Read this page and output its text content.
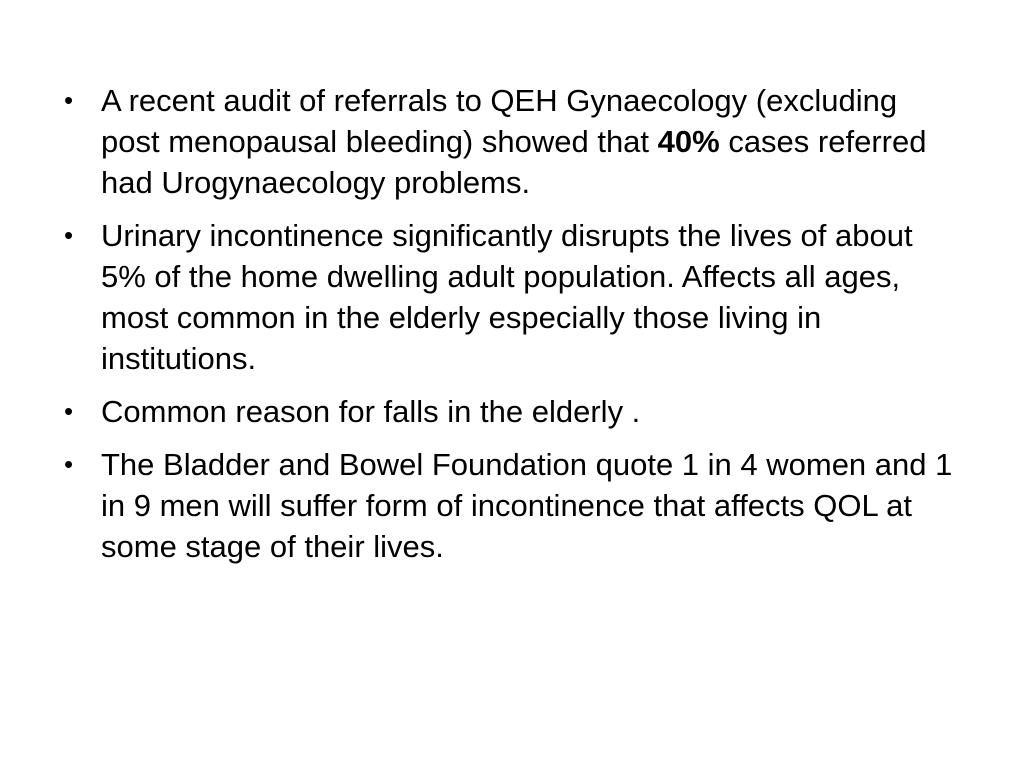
• A recent audit of referrals to QEH Gynaecology (excluding post menopausal bleeding) showed that 40% cases referred had Urogynaecology problems.
• Urinary incontinence significantly disrupts the lives of about 5% of the home dwelling adult population. Affects all ages, most common in the elderly especially those living in institutions.
• Common reason for falls in the elderly .
• The Bladder and Bowel Foundation quote 1 in 4 women and 1 in 9 men will suffer form of incontinence that affects QOL at some stage of their lives.
